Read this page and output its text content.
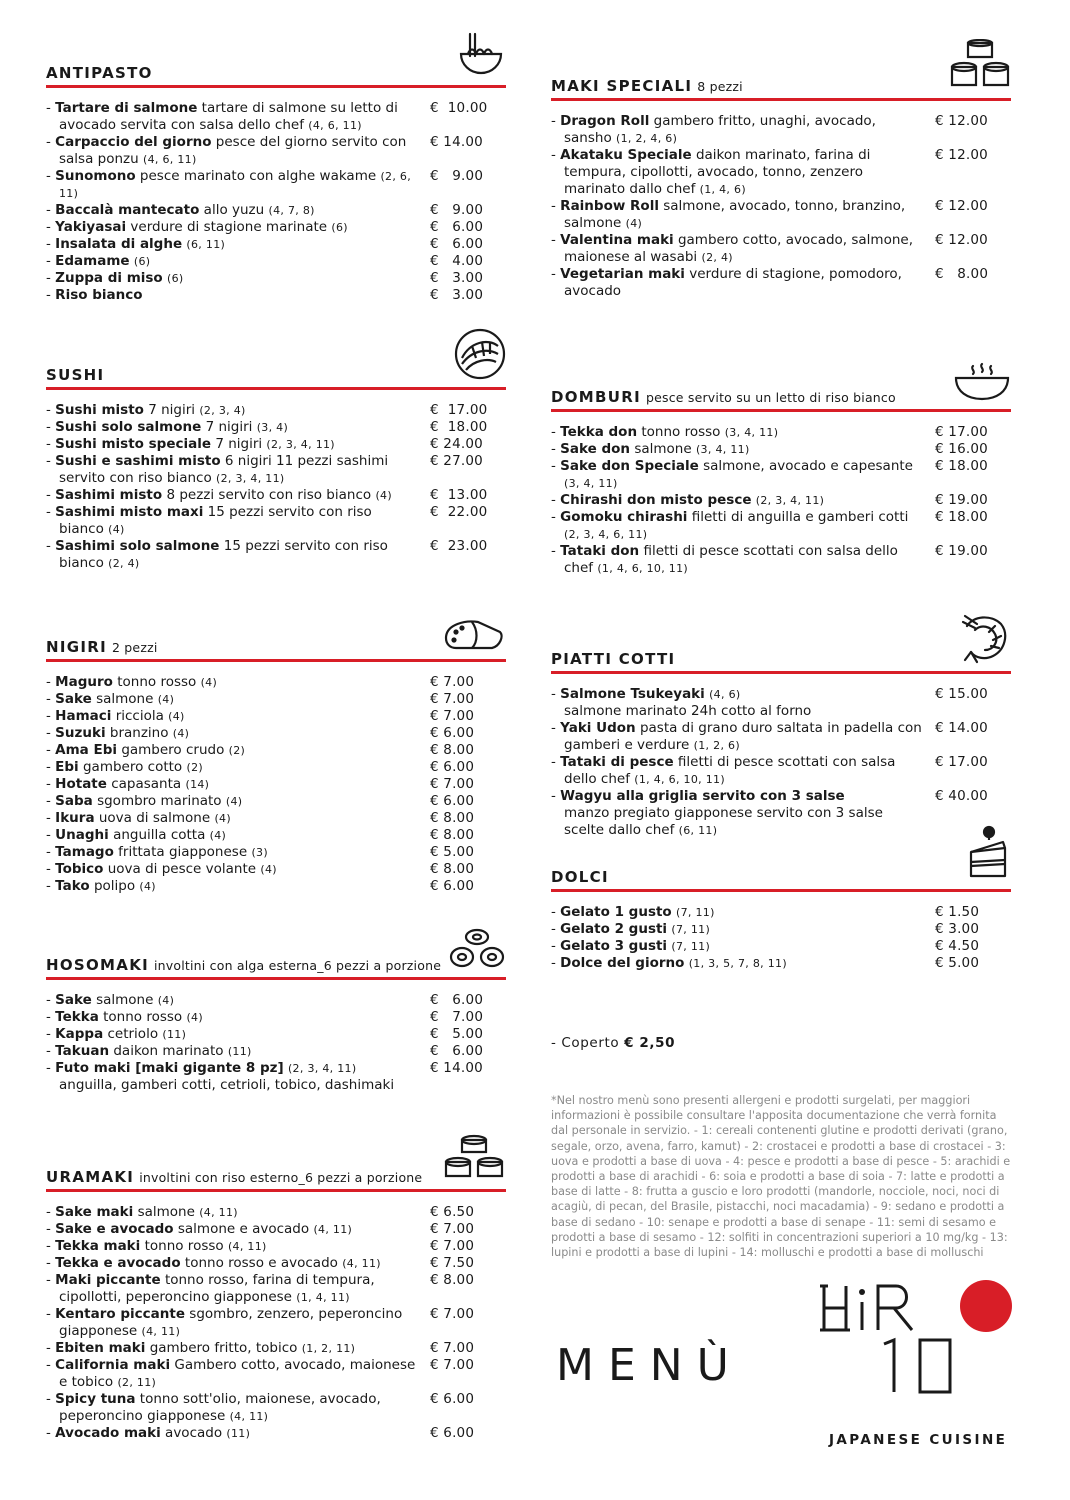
ANTIPASTO
- Tartare di salmone tartare di salmone su letto di avocado servita con salsa dello chef (4, 6, 11)
€  10.00
- Carpaccio del giorno pesce del giorno servito con salsa ponzu (4, 6, 11)
€ 14.00
- Sunomono pesce marinato con alghe wakame (2, 6, 11)
€   9.00
- Baccalà mantecato allo yuzu (4, 7, 8)	€   9.00
- Yakiyasai verdure di stagione marinate (6)	€   6.00
- Insalata di alghe (6, 11)	€   6.00
- Edamame (6)	€   4.00
- Zuppa di miso (6)	€   3.00
- Riso bianco	€   3.00
SUSHI
- Sushi misto 7 nigiri (2, 3, 4)	€  17.00
- Sushi solo salmone 7 nigiri (3, 4)	€  18.00
- Sushi misto speciale 7 nigiri (2, 3, 4, 11)	€ 24.00
- Sushi e sashimi misto 6 nigiri 11 pezzi sashimi servito con riso bianco (2, 3, 4, 11)
€ 27.00
- Sashimi misto 8 pezzi servito con riso bianco (4)	€  13.00
- Sashimi misto maxi 15 pezzi servito con riso bianco (4)
€  22.00
- Sashimi solo salmone 15 pezzi servito con riso bianco (2, 4)
€  23.00
NIGIRI 2 pezzi
- Maguro tonno rosso (4)	€ 7.00
- Sake salmone (4)	€ 7.00
- Hamaci ricciola (4)	€ 7.00
- Suzuki branzino (4)	€ 6.00
- Ama Ebi gambero crudo (2)	€ 8.00
- Ebi gambero cotto (2)	€ 6.00
- Hotate capasanta (14)	€ 7.00
- Saba sgombro marinato (4)	€ 6.00
- Ikura uova di salmone (4)	€ 8.00
- Unaghi anguilla cotta (4)	€ 8.00
- Tamago frittata giapponese (3)	€ 5.00
- Tobico uova di pesce volante (4)	€ 8.00
- Tako polipo (4)	€ 6.00
HOSOMAKI involtini con alga esterna_6 pezzi a porzione
- Sake salmone (4)	€   6.00
- Tekka tonno rosso (4)	€   7.00
- Kappa cetriolo (11)	€   5.00
- Takuan daikon marinato (11)	€   6.00
- Futo maki [maki gigante 8 pz] (2, 3, 4, 11)
anguilla, gamberi cotti, cetrioli, tobico, dashimaki
€ 14.00
URAMAKI involtini con riso esterno_6 pezzi a porzione
- Sake maki salmone (4, 11)	€ 6.50
- Sake e avocado salmone e avocado (4, 11)	€ 7.00
- Tekka maki tonno rosso (4, 11)	€ 7.00
- Tekka e avocado tonno rosso e avocado (4, 11)	€ 7.50
- Maki piccante tonno rosso, farina di tempura, cipollotti, peperoncino giapponese (1, 4, 11)
€ 8.00
- Kentaro piccante sgombro, zenzero, peperoncino giapponese (4, 11)
€ 7.00
- Ebiten maki gambero fritto, tobico (1, 2, 11)	€ 7.00
- California maki Gambero cotto, avocado, maionese e tobico (2, 11)
€ 7.00
- Spicy tuna tonno sott'olio, maionese, avocado, peperoncino giapponese (4, 11)
€ 6.00
- Avocado maki avocado (11)	€ 6.00
MAKI SPECIALI 8 pezzi
- Dragon Roll gambero fritto, unaghi, avocado, sansho (1, 2, 4, 6)
€ 12.00
- Akataku Speciale daikon marinato, farina di tempura, cipollotti, avocado, tonno, zenzero marinato dallo chef (1, 4, 6)
€ 12.00
- Rainbow Roll salmone, avocado, tonno, branzino, salmone (4)
€ 12.00
- Valentina maki gambero cotto, avocado, salmone, maionese al wasabi (2, 4)
€ 12.00
- Vegetarian maki verdure di stagione, pomodoro, avocado
€   8.00
DOMBURI pesce servito su un letto di riso bianco
- Tekka don tonno rosso (3, 4, 11)	€ 17.00
- Sake don salmone (3, 4, 11)	€ 16.00
- Sake don Speciale salmone, avocado e capesante (3, 4, 11)
€ 18.00
- Chirashi don misto pesce (2, 3, 4, 11)	€ 19.00
- Gomoku chirashi filetti di anguilla e gamberi cotti (2, 3, 4, 6, 11)
€ 18.00
- Tataki don filetti di pesce scottati con salsa dello chef (1, 4, 6, 10, 11)
€ 19.00
PIATTI COTTI
- Salmone Tsukeyaki (4, 6)
salmone marinato 24h cotto al forno
€ 15.00
- Yaki Udon pasta di grano duro saltata in padella con gamberi e verdure (1, 2, 6)
€ 14.00
- Tataki di pesce filetti di pesce scottati con salsa dello chef (1, 4, 6, 10, 11)
€ 17.00
- Wagyu alla griglia servito con 3 salse
manzo pregiato giapponese servito con 3 salse scelte dallo chef (6, 11)
€ 40.00
DOLCI
- Gelato 1 gusto (7, 11)	€ 1.50
- Gelato 2 gusti (7, 11)	€ 3.00
- Gelato 3 gusti (7, 11)	€ 4.50
- Dolce del giorno (1, 3, 5, 7, 8, 11)	€ 5.00
- Coperto € 2,50

*Nel nostro menù sono presenti allergeni e prodotti surgelati, per maggiori informazioni è possibile consultare l'apposita documentazione che verrà fornita dal personale in servizio. - 1: cereali contenenti glutine e prodotti derivati (grano, segale, orzo, avena, farro, kamut) - 2: crostacei e prodotti a base di crostacei - 3: uova e prodotti a base di uova - 4: pesce e prodotti a base di pesce - 5: arachidi e prodotti a base di arachidi - 6: soia e prodotti a base di soia - 7: latte e prodotti a base di latte - 8: frutta a guscio e loro prodotti (mandorle, nocciole, noci, noci di acagiù, di pecan, del Brasile, pistacchi, noci macadamia) - 9: sedano e prodotti a base di sedano - 10: senape e prodotti a base di senape - 11: semi di sesamo e prodotti a base di sesamo - 12: solfiti in concentrazioni superiori a 10 mg/kg - 13: lupini e prodotti a base di lupini - 14: molluschi e prodotti a base di molluschi

MENÙ
JAPANESE CUISINE
